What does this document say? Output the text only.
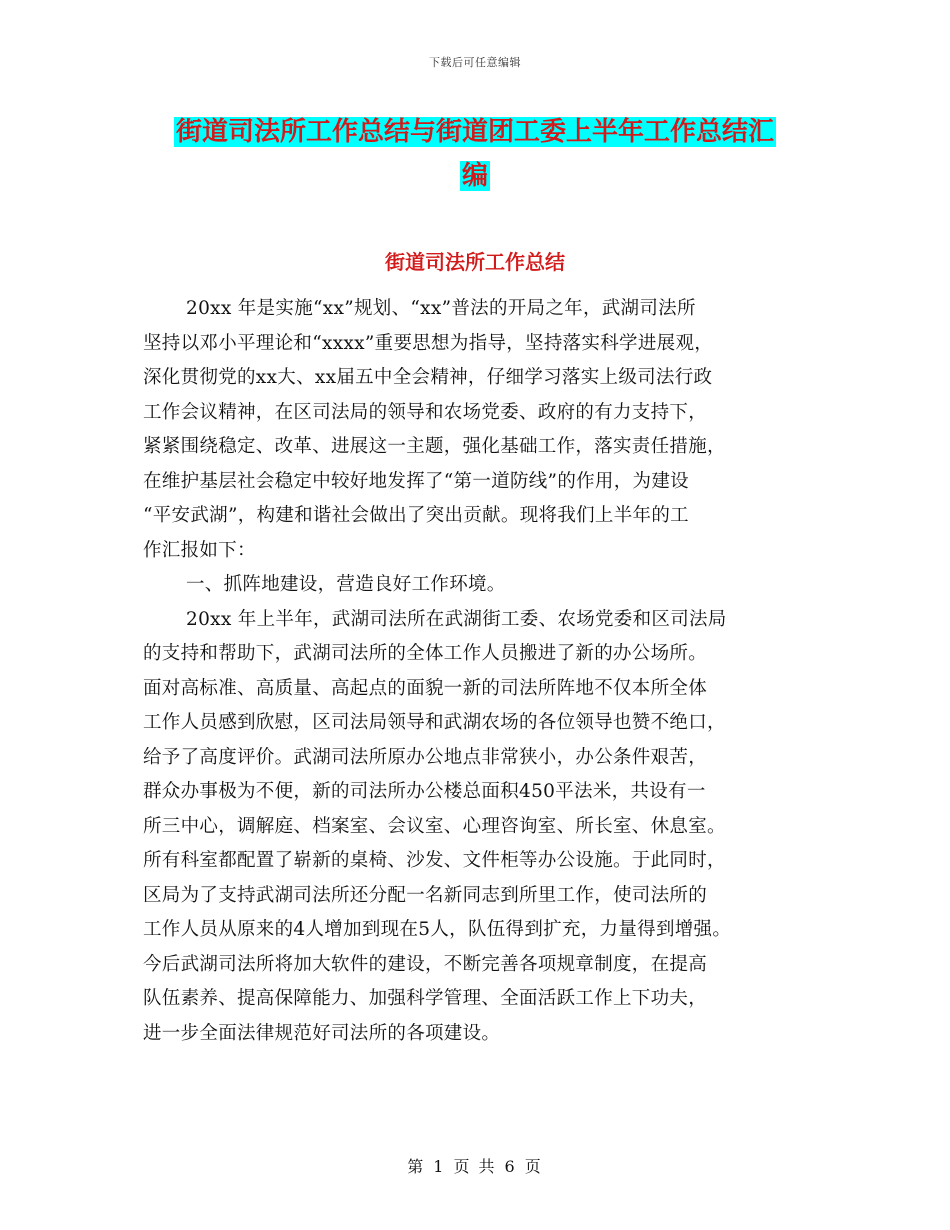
下载后可任意编辑
街道司法所工作总结与街道团工委上半年工作总结汇
编
街道司法所工作总结
20xx 年是实施“xx”规划、“xx”普法的开局之年，武湖司法所
坚持以邓小平理论和“xxxx”重要思想为指导，坚持落实科学进展观，
深化贯彻党的xx大、xx届五中全会精神，仔细学习落实上级司法行政
工作会议精神，在区司法局的领导和农场党委、政府的有力支持下，
紧紧围绕稳定、改革、进展这一主题，强化基础工作，落实责任措施，
在维护基层社会稳定中较好地发挥了“第一道防线”的作用，为建设
“平安武湖”，构建和谐社会做出了突出贡献。现将我们上半年的工
作汇报如下：
一、抓阵地建设，营造良好工作环境。
20xx 年上半年，武湖司法所在武湖街工委、农场党委和区司法局
的支持和帮助下，武湖司法所的全体工作人员搬进了新的办公场所。
面对高标准、高质量、高起点的面貌一新的司法所阵地不仅本所全体
工作人员感到欣慰，区司法局领导和武湖农场的各位领导也赞不绝口，
给予了高度评价。武湖司法所原办公地点非常狭小，办公条件艰苦，
群众办事极为不便，新的司法所办公楼总面积450平法米，共设有一
所三中心，调解庭、档案室、会议室、心理咨询室、所长室、休息室。
所有科室都配置了崭新的桌椅、沙发、文件柜等办公设施。于此同时，
区局为了支持武湖司法所还分配一名新同志到所里工作，使司法所的
工作人员从原来的4人增加到现在5人，队伍得到扩充，力量得到增强。
今后武湖司法所将加大软件的建设，不断完善各项规章制度，在提高
队伍素养、提高保障能力、加强科学管理、全面活跃工作上下功夫，
进一步全面法律规范好司法所的各项建设。
第 1 页 共 6 页
